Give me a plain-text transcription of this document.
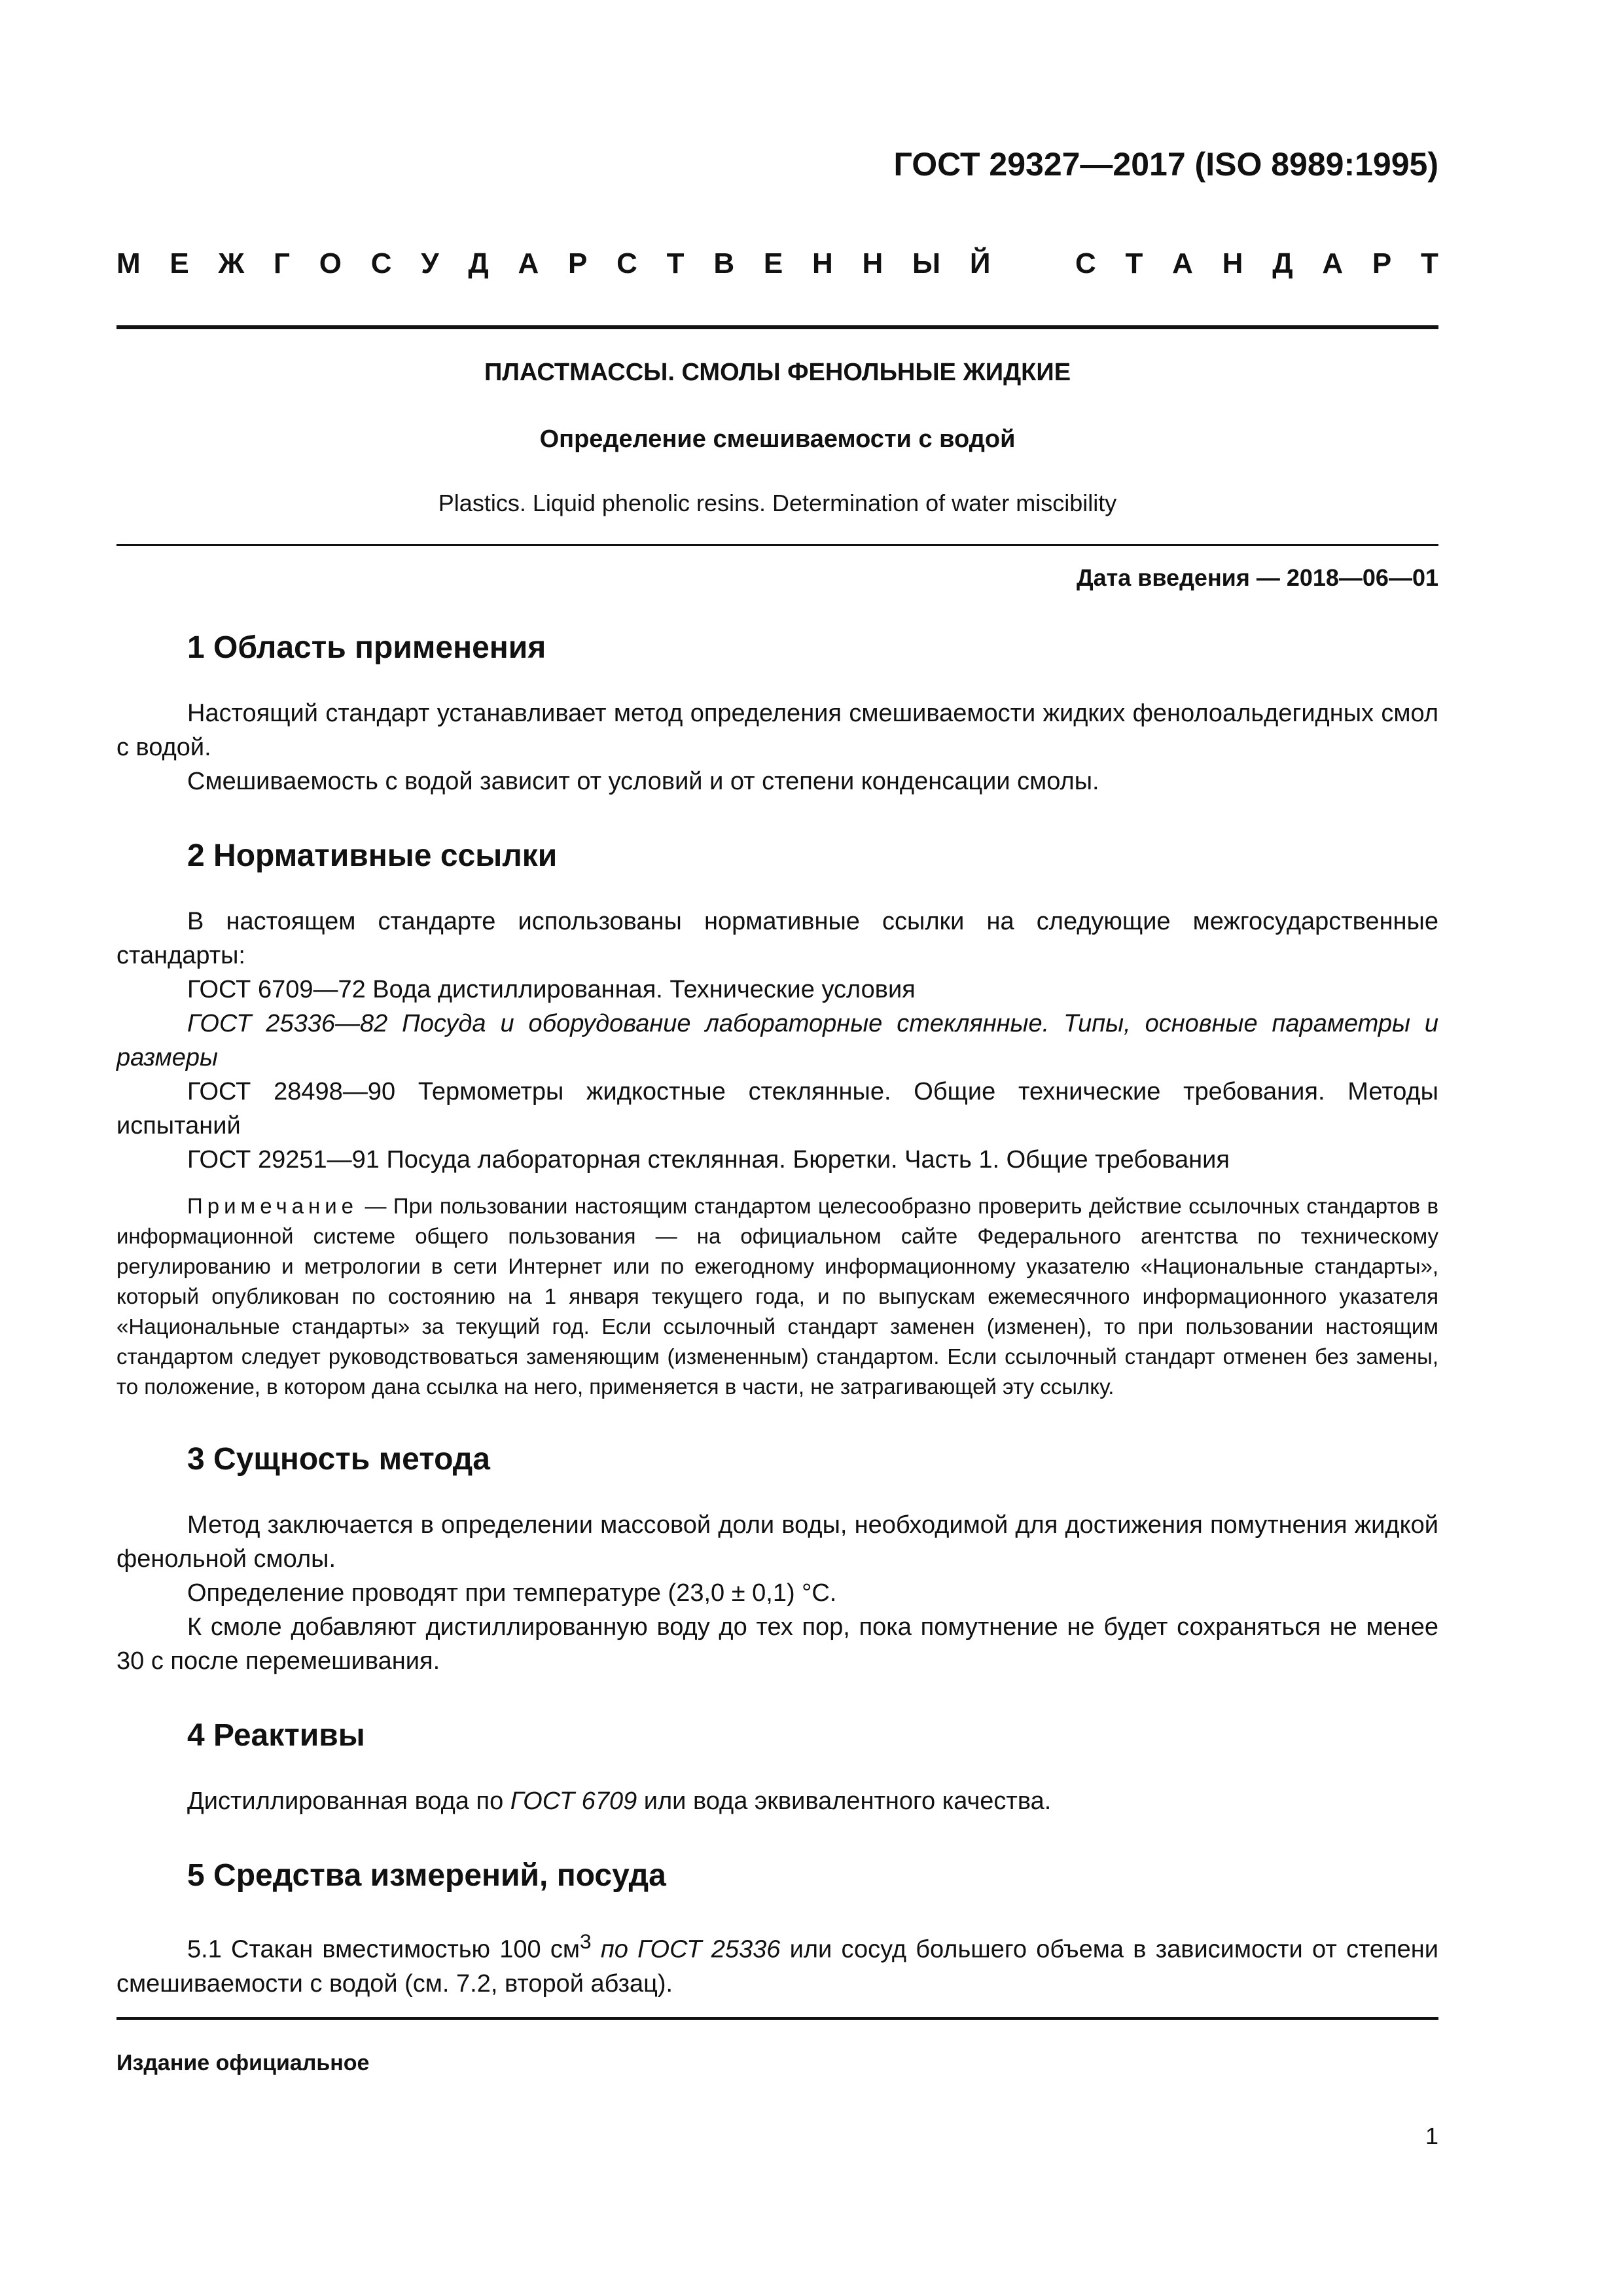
ГОСТ 29327—2017 (ISO 8989:1995)

М Е Ж Г О С У Д А Р С Т В Е Н Н Ы Й	С Т А Н Д А Р Т

ПЛАСТМАССЫ. СМОЛЫ ФЕНОЛЬНЫЕ ЖИДКИЕ

Определение смешиваемости с водой

Plastics. Liquid phenolic resins. Determination of water miscibility

Дата введения — 2018—06—01

1 Область применения

Настоящий стандарт устанавливает метод определения смешиваемости жидких фенолоальдегидных смол с водой.

Смешиваемость с водой зависит от условий и от степени конденсации смолы.

2 Нормативные ссылки

В настоящем стандарте использованы нормативные ссылки на следующие межгосударственные стандарты:

ГОСТ 6709—72 Вода дистиллированная. Технические условия

ГОСТ 25336—82 Посуда и оборудование лабораторные стеклянные. Типы, основные параметры и размеры

ГОСТ 28498—90 Термометры жидкостные стеклянные. Общие технические требования. Методы испытаний

ГОСТ 29251—91 Посуда лабораторная стеклянная. Бюретки. Часть 1. Общие требования

Примечание — При пользовании настоящим стандартом целесообразно проверить действие ссылочных стандартов в информационной системе общего пользования — на официальном сайте Федерального агентства по техническому регулированию и метрологии в сети Интернет или по ежегодному информационному указателю «Национальные стандарты», который опубликован по состоянию на 1 января текущего года, и по выпускам ежемесячного информационного указателя «Национальные стандарты» за текущий год. Если ссылочный стандарт заменен (изменен), то при пользовании настоящим стандартом следует руководствоваться заменяющим (измененным) стандартом. Если ссылочный стандарт отменен без замены, то положение, в котором дана ссылка на него, применяется в части, не затрагивающей эту ссылку.

3 Сущность метода

Метод заключается в определении массовой доли воды, необходимой для достижения помутнения жидкой фенольной смолы.

Определение проводят при температуре (23,0 ± 0,1) °С.

К смоле добавляют дистиллированную воду до тех пор, пока помутнение не будет сохраняться не менее 30 с после перемешивания.

4 Реактивы

Дистиллированная вода по ГОСТ 6709 или вода эквивалентного качества.

5 Средства измерений, посуда

5.1 Стакан вместимостью 100 $см^3$ по ГОСТ 25336 или сосуд большего объема в зависимости от степени смешиваемости с водой (см. 7.2, второй абзац).

Издание официальное

1
